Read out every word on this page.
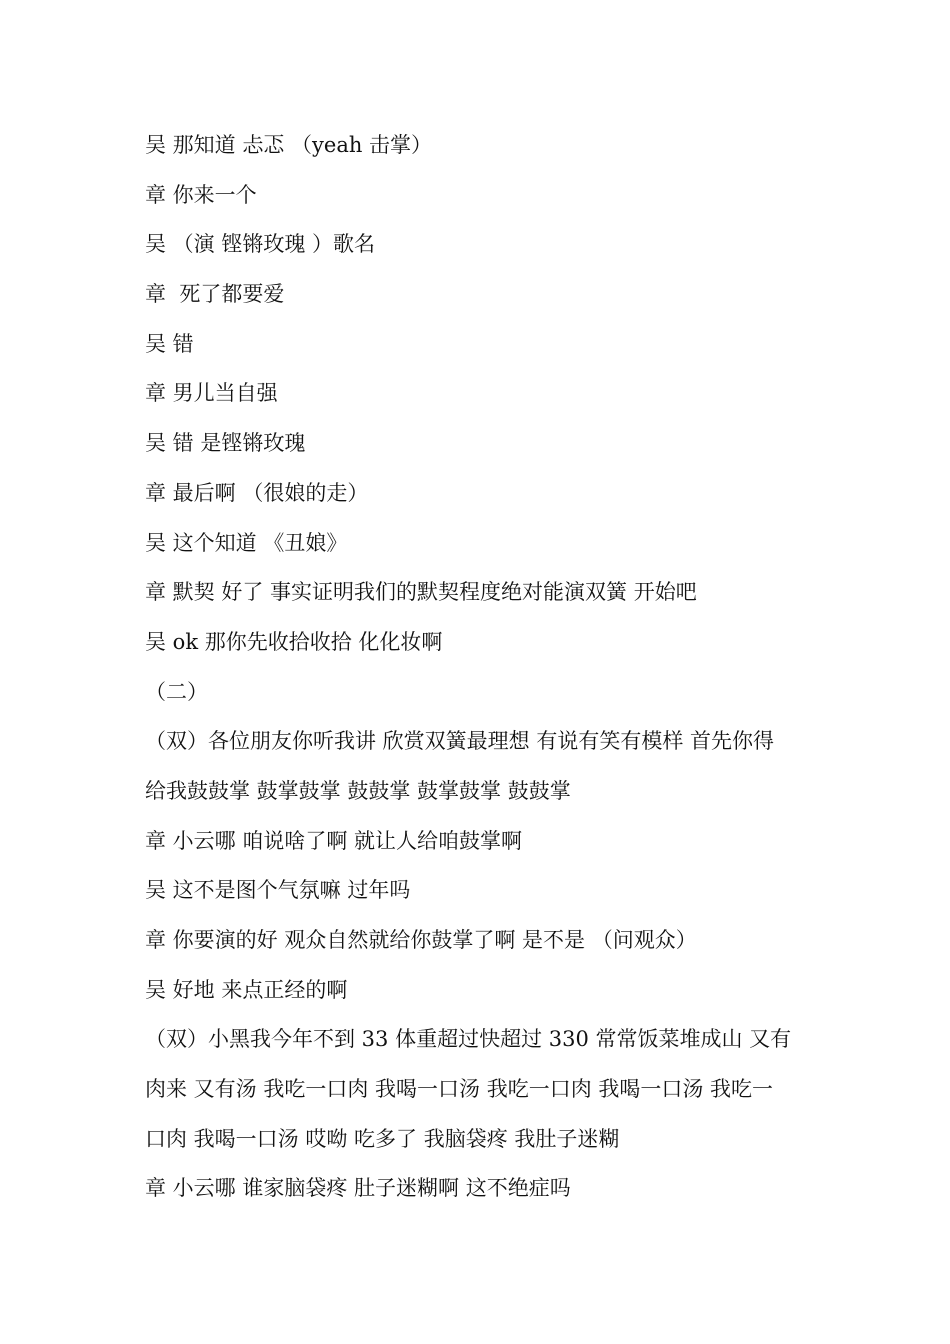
吴 那知道 忐忑 （yeah 击掌）
章 你来一个
吴 （演 铿锵玫瑰 ）歌名
章  死了都要爱
吴 错
章 男儿当自强
吴 错 是铿锵玫瑰
章 最后啊 （很娘的走）
吴 这个知道 《丑娘》
章 默契 好了 事实证明我们的默契程度绝对能演双簧 开始吧
吴 ok 那你先收拾收拾 化化妆啊
（二）
（双）各位朋友你听我讲 欣赏双簧最理想 有说有笑有模样 首先你得
给我鼓鼓掌 鼓掌鼓掌 鼓鼓掌 鼓掌鼓掌 鼓鼓掌
章 小云哪 咱说啥了啊 就让人给咱鼓掌啊
吴 这不是图个气氛嘛 过年吗
章 你要演的好 观众自然就给你鼓掌了啊 是不是 （问观众）
吴 好地 来点正经的啊
（双）小黑我今年不到 33 体重超过快超过 330 常常饭菜堆成山 又有
肉来 又有汤 我吃一口肉 我喝一口汤 我吃一口肉 我喝一口汤 我吃一
口肉 我喝一口汤 哎呦 吃多了 我脑袋疼 我肚子迷糊
章 小云哪 谁家脑袋疼 肚子迷糊啊 这不绝症吗
